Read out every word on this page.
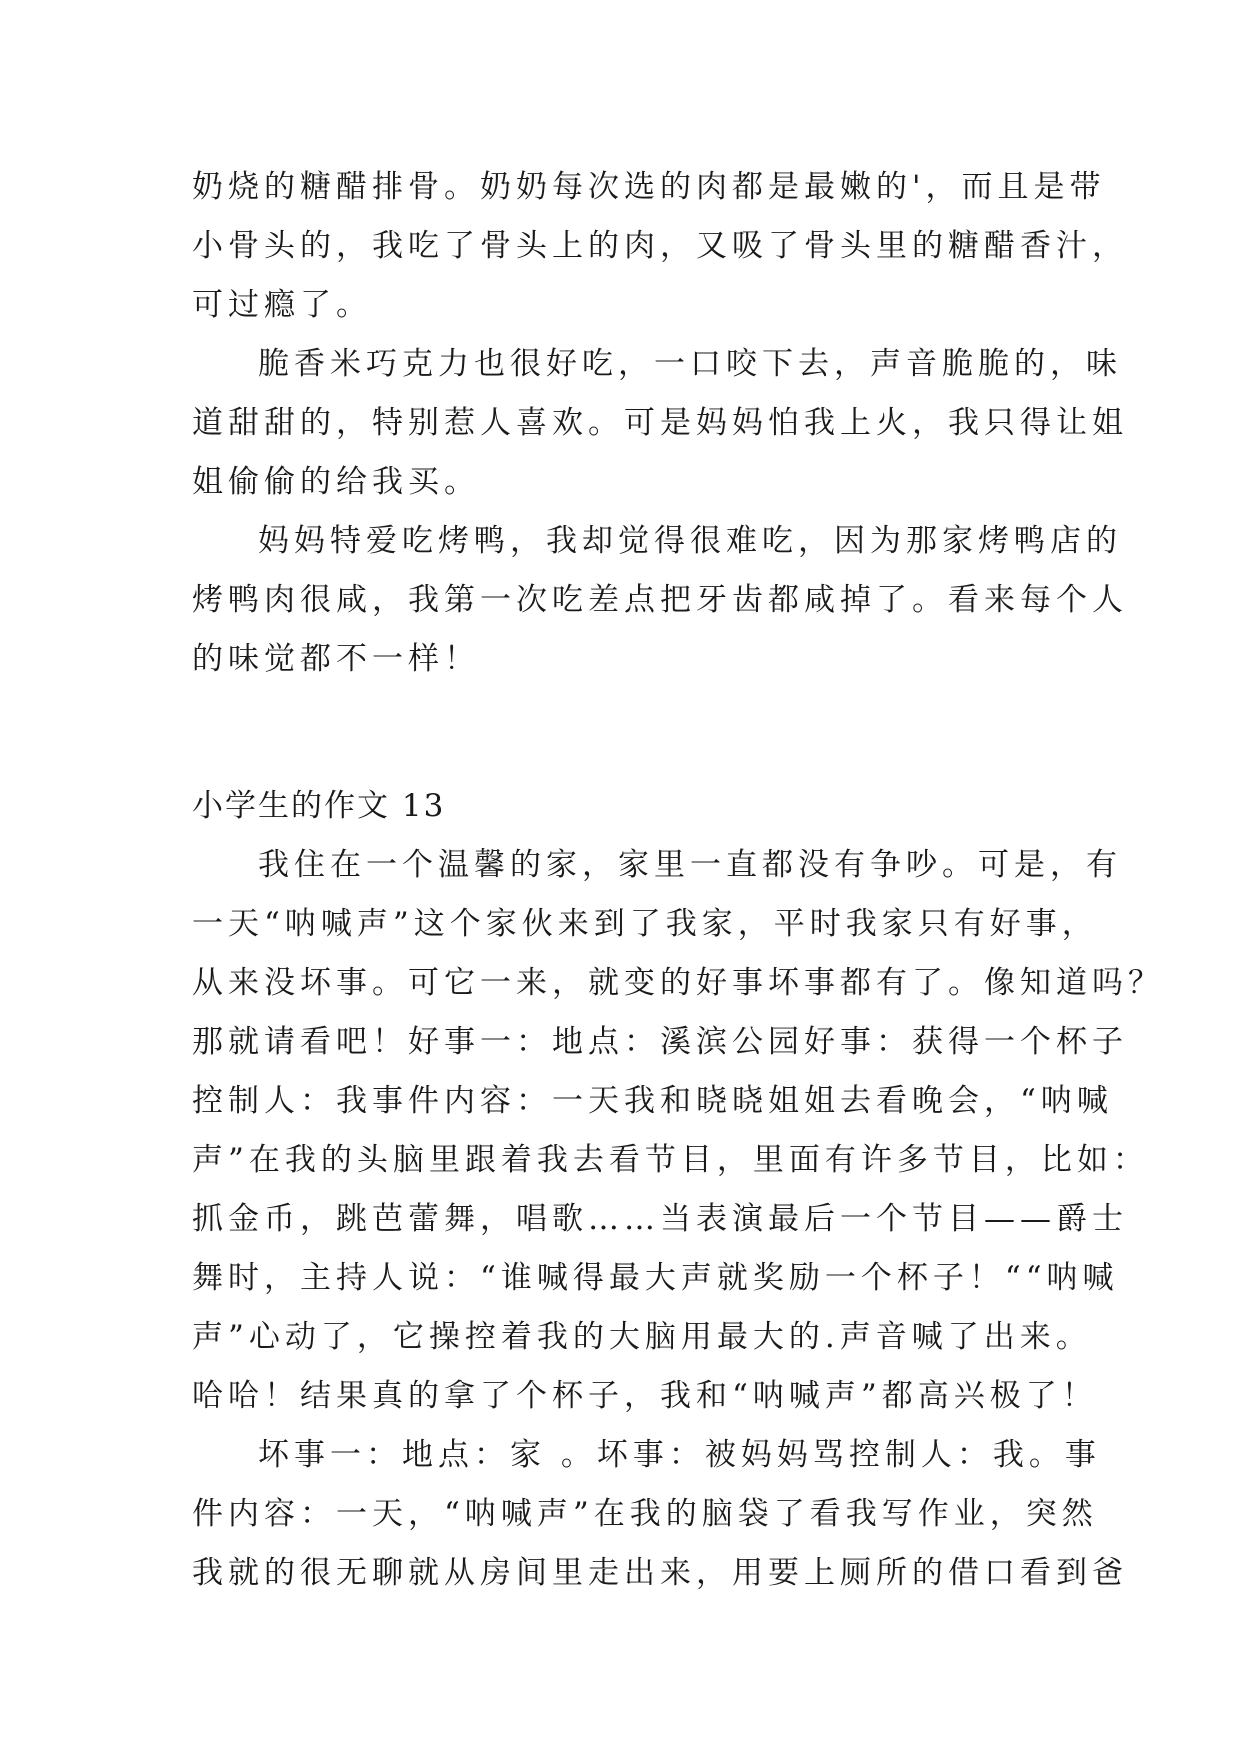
奶烧的糖醋排骨。奶奶每次选的肉都是最嫩的'，而且是带
小骨头的，我吃了骨头上的肉，又吸了骨头里的糖醋香汁，
可过瘾了。
脆香米巧克力也很好吃，一口咬下去，声音脆脆的，味
道甜甜的，特别惹人喜欢。可是妈妈怕我上火，我只得让姐
姐偷偷的给我买。
妈妈特爱吃烤鸭，我却觉得很难吃，因为那家烤鸭店的
烤鸭肉很咸，我第一次吃差点把牙齿都咸掉了。看来每个人
的味觉都不一样！
小学生的作文 13
我住在一个温馨的家，家里一直都没有争吵。可是，有
一天“呐喊声”这个家伙来到了我家，平时我家只有好事，
从来没坏事。可它一来，就变的好事坏事都有了。像知道吗？
那就请看吧！好事一：地点：溪滨公园好事：获得一个杯子
控制人：我事件内容：一天我和晓晓姐姐去看晚会，“呐喊
声”在我的头脑里跟着我去看节目，里面有许多节目，比如：
抓金币，跳芭蕾舞，唱歌……当表演最后一个节目——爵士
舞时，主持人说：“谁喊得最大声就奖励一个杯子！““呐喊
声”心动了，它操控着我的大脑用最大的.声音喊了出来。
哈哈！结果真的拿了个杯子，我和“呐喊声”都高兴极了！
坏事一：地点：家 。坏事：被妈妈骂控制人：我。事
件内容：一天，“呐喊声”在我的脑袋了看我写作业，突然
我就的很无聊就从房间里走出来，用要上厕所的借口看到爸
